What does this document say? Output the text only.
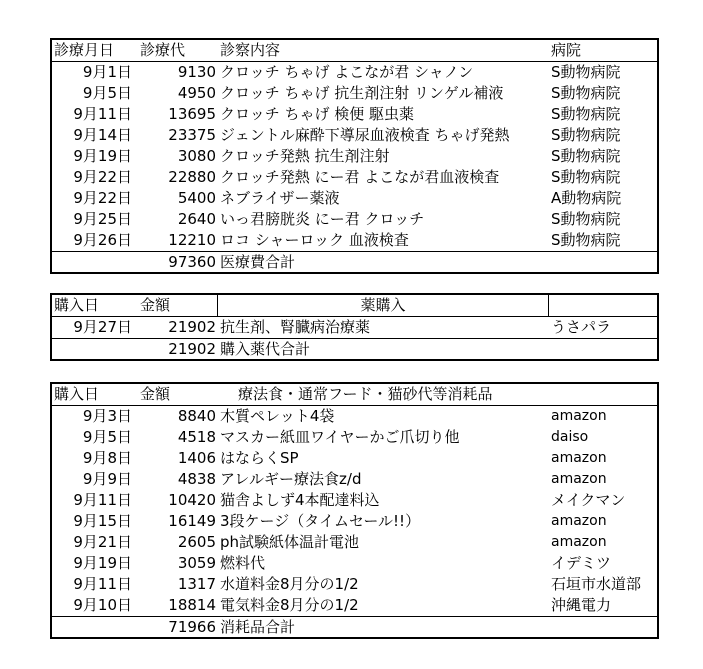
診療月日 診療代 診察内容	病院
9月1日	9130 クロッチ ちゃげ よこなが君 シャノン	S動物病院
9月5日	4950 クロッチ ちゃげ 抗生剤注射 リンゲル補液	S動物病院
9月11日	13695 クロッチ ちゃげ 検便 駆虫薬	S動物病院
9月14日	23375 ジェントル麻酔下導尿血液検査 ちゃげ発熱	S動物病院
9月19日	3080 クロッチ発熱 抗生剤注射	S動物病院
9月22日	22880 クロッチ発熱 にー君 よこなが君血液検査	S動物病院
9月22日	5400 ネブライザー薬液	A動物病院
9月25日	2640 いっ君膀胱炎 にー君 クロッチ	S動物病院
9月26日	12210 ロコ シャーロック 血液検査	S動物病院
97360 医療費合計
購入日	金額	薬購入
9月27日	21902 抗生剤、腎臓病治療薬	うさパラ
21902 購入薬代合計
購入日	金額	療法食・通常フード・猫砂代等消耗品
9月3日	8840 木質ペレット4袋	amazon
9月5日	4518 マスカー紙皿ワイヤーかご爪切り他	daiso
9月8日	1406 はならくSP	amazon
9月9日	4838 アレルギー療法食z/d	amazon
9月11日	10420 猫舎よしず4本配達料込	メイクマン
9月15日	16149 3段ケージ（タイムセール!!）	amazon
9月21日	2605 ph試験紙体温計電池	amazon
9月19日	3059 燃料代	イデミツ
9月11日	1317 水道料金8月分の1/2	石垣市水道部
9月10日	18814 電気料金8月分の1/2	沖縄電力
71966 消耗品合計
